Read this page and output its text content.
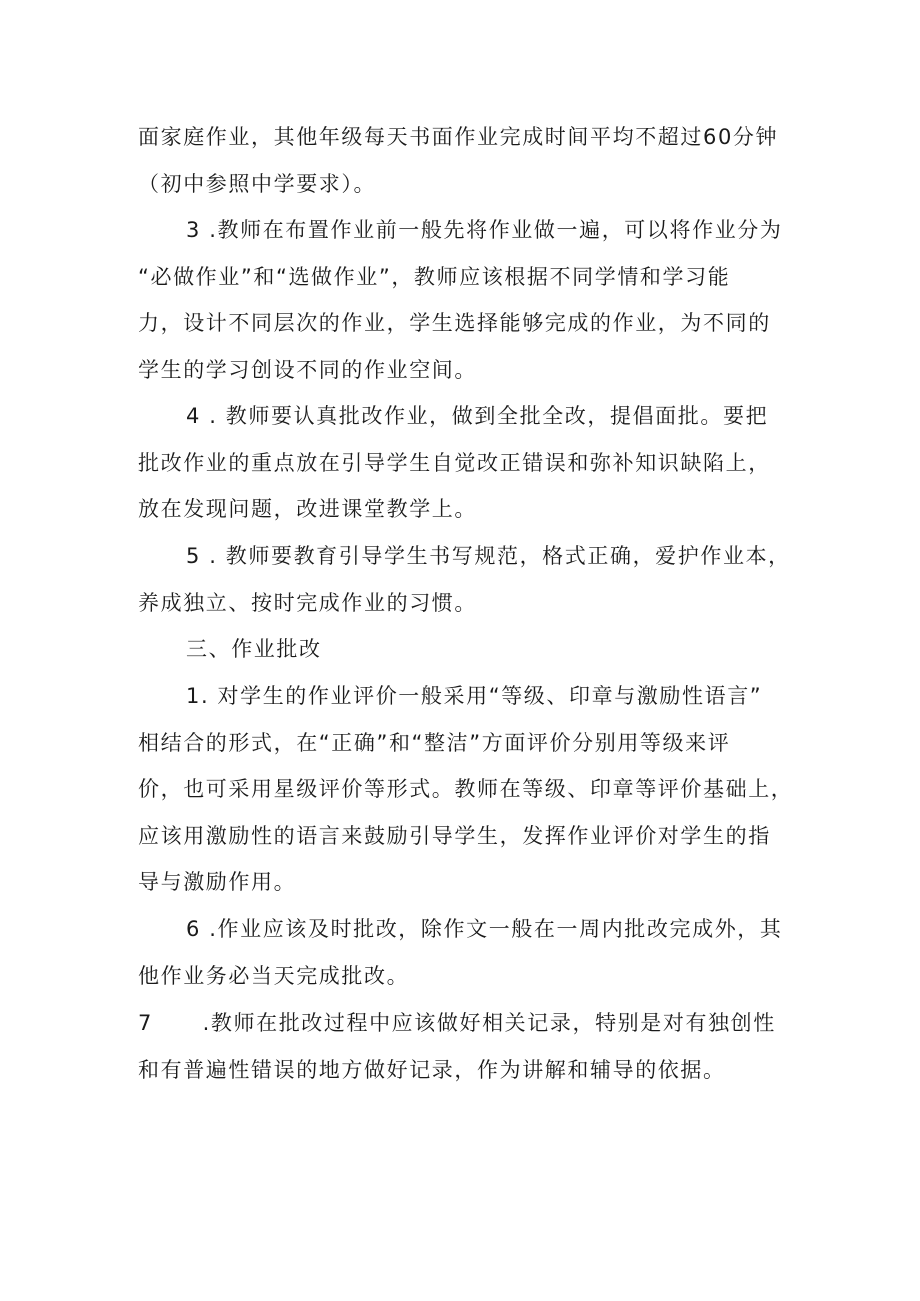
面家庭作业，其他年级每天书面作业完成时间平均不超过60分钟
（初中参照中学要求）。
3 .教师在布置作业前一般先将作业做一遍，可以将作业分为
“必做作业”和“选做作业”，教师应该根据不同学情和学习能
力，设计不同层次的作业，学生选择能够完成的作业，为不同的
学生的学习创设不同的作业空间。
4 . 教师要认真批改作业，做到全批全改，提倡面批。要把
批改作业的重点放在引导学生自觉改正错误和弥补知识缺陷上，
放在发现问题，改进课堂教学上。
5 . 教师要教育引导学生书写规范，格式正确，爱护作业本，
养成独立、按时完成作业的习惯。
三、作业批改
1. 对学生的作业评价一般采用“等级、印章与激励性语言”
相结合的形式，在“正确”和“整洁”方面评价分别用等级来评
价，也可采用星级评价等形式。教师在等级、印章等评价基础上，
应该用激励性的语言来鼓励引导学生，发挥作业评价对学生的指
导与激励作用。
6 .作业应该及时批改，除作文一般在一周内批改完成外，其
他作业务必当天完成批改。
7      .教师在批改过程中应该做好相关记录，特别是对有独创性
和有普遍性错误的地方做好记录，作为讲解和辅导的依据。
